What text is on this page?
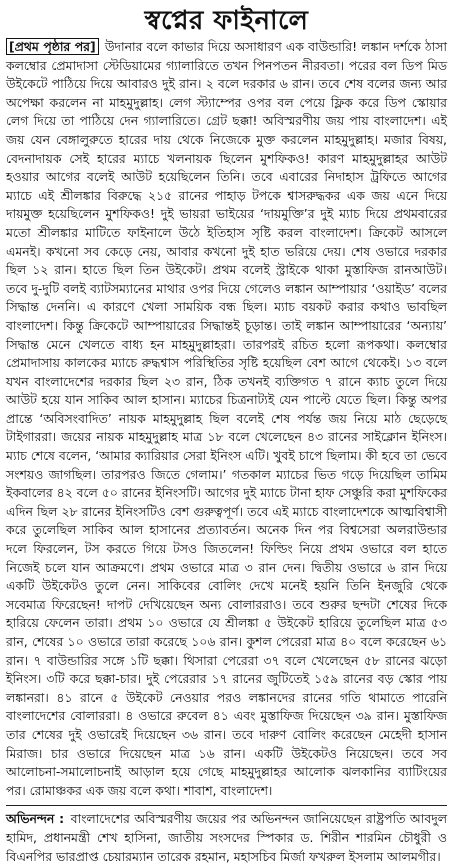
স্বপ্নের ফাইনালে

[প্রথম পৃষ্ঠার পর] উদানার বলে কাভার দিয়ে অসাধারণ এক বাউন্ডারি! লঙ্কান দর্শকে ঠাসা কলম্বোর প্রেমাদাসা স্টেডিয়ামের গ্যালারিতে তখন পিনপতন নীরবতা। পরের বল ডিপ মিড উইকেটে পাঠিয়ে দিয়ে আবারও দুই রান। ২ বলে দরকার ৬ রান। তবে শেষ বলের জন্য আর অপেক্ষা করলেন না মাহমুদুল্লাহ। লেগ স্ট্যাম্পের ওপর বল পেয়ে ফ্লিক করে ডিপ স্কোয়ার লেগ দিয়ে তা পাঠিয়ে দেন গ্যালারিতে। গ্রেট ছক্কা! অবিস্মরণীয় জয় পায় বাংলাদেশ। এই জয় যেন বেঙ্গালুরুতে হারের দায় থেকে নিজেকে মুক্ত করলেন মাহমুদুল্লাহ। মজার বিষয়, বেদনাদায়ক সেই হারের ম্যাচে খলনায়ক ছিলেন মুশফিকও! কারণ মাহমুদুল্লাহর আউট হওয়ার আগের বলেই আউট হয়েছিলেন তিনি। তবে এবারের নিদাহাস ট্রফিতে আগের ম্যাচে এই শ্রীলঙ্কার বিরুদ্ধে ২১৫ রানের পাহাড় টপকে শ্বাসরুদ্ধকর এক জয় এনে দিয়ে দায়মুক্ত হয়েছিলেন মুশফিকও! দুই ভায়রা ভাইয়ের ‘দায়মুক্তি’র দুই ম্যাচ দিয়ে প্রথমবারের মতো শ্রীলঙ্কার মাটিতে ফাইনালে উঠে ইতিহাস সৃষ্টি করল বাংলাদেশ। ক্রিকেট আসলে এমনই। কখনো সব কেড়ে নেয়, আবার কখনো দুই হাত ভরিয়ে দেয়। শেষ ওভারে দরকার ছিল ১২ রান। হাতে ছিল তিন উইকেট। প্রথম বলেই স্ট্রাইকে থাকা মুস্তাফিজ রানআউট। তবে দু-দুটি বলই ব্যাটসম্যানের মাথার ওপর দিয়ে গেলেও লঙ্কান আম্পায়ার ‘ওয়াইড’ বলের সিদ্ধান্ত দেননি। এ কারণে খেলা সাময়িক বন্ধ ছিল। ম্যাচ বয়কট করার কথাও ভাবছিল বাংলাদেশ। কিন্তু ক্রিকেটে আম্পায়ারের সিদ্ধান্তই চূড়ান্ত। তাই লঙ্কান আম্পায়ারের ‘অন্যায়’ সিদ্ধান্ত মেনে খেলতে বাধ্য হন মাহমুদুল্লাহরা। তারপরই রচিত হলো রূপকথা। কলম্বোর প্রেমাদাসায় কালকের ম্যাচে রুদ্ধশ্বাস পরিস্থিতির সৃষ্টি হয়েছিল বেশ আগে থেকেই। ১৩ বলে যখন বাংলাদেশের দরকার ছিল ২৩ রান, ঠিক তখনই ব্যক্তিগত ৭ রানে ক্যাচ তুলে দিয়ে আউট হয়ে যান সাকিব আল হাসান। ম্যাচের চিত্রনাট্যই যেন পাল্টে যেতে ছিল। কিন্তু অপর প্রান্তে ‘অবিসংবাদিত’ নায়ক মাহমুদুল্লাহ ছিল বলেই শেষ পর্যন্ত জয় নিয়ে মাঠ ছেড়েছে টাইগাররা। জয়ের নায়ক মাহমুদুল্লাহ মাত্র ১৮ বলে খেলেছেন ৪৩ রানের সাইক্লোন ইনিংস। ম্যাচ শেষে বলেন, ‘আমার ক্যারিয়ার সেরা ইনিংস এটি। খুবই চাপে ছিলাম। কী হবে তা ভেবে সংশয়ও জাগছিল। তারপরও জিতে গেলাম।’ গতকাল ম্যাচের ভিত গড়ে দিয়েছিল তামিম ইকবালের ৪২ বলে ৫০ রানের ইনিংসটি। আগের দুই ম্যাচে টানা হাফ সেঞ্চুরি করা মুশফিকের এদিন ছিল ২৮ রানের ইনিংসটিও বেশ গুরুত্বপূর্ণ। তবে এই ম্যাচে বাংলাদেশকে আত্মবিশ্বাসী করে তুলেছিল সাকিব আল হাসানের প্রত্যাবর্তন। অনেক দিন পর বিশ্বসেরা অলরাউন্ডার দলে ফিরলেন, টস করতে গিয়ে টসও জিতলেন! ফিল্ডিং নিয়ে প্রথম ওভারে বল হাতে নিজেই চলে যান আক্রমণে। প্রথম ওভারে মাত্র ৩ রান দেন। দ্বিতীয় ওভারে ৬ রান দিয়ে একটি উইকেটও তুলে নেন। সাকিবের বোলিং দেখে মনেই হয়নি তিনি ইনজুরি থেকে সবেমাত্র ফিরেছেন! দাপট দেখিয়েছেন অন্য বোলাররাও। তবে শুরুর ছন্দটা শেষের দিকে হারিয়ে ফেলেন তারা। প্রথম ১০ ওভারে যে শ্রীলঙ্কা ৫ উইকেট হারিয়ে তুলেছিল মাত্র ৫৩ রান, শেষের ১০ ওভারে তারা করেছে ১০৬ রান। কুশল পেরেরা মাত্র ৪০ বলে করেছেন ৬১ রান। ৭ বাউন্ডারির সঙ্গে ১টি ছক্কা। থিসারা পেরেরা ৩৭ বলে খেলেছেন ৫৮ রানের ঝড়ো ইনিংস। ৩টি করে ছক্কা-চার। দুই পেরেরার ১৭ রানের জুটিতেই ১৫৯ রানের বড় স্কোর পায় লঙ্কানরা। ৪১ রানে ৫ উইকেট নেওয়ার পরও লঙ্কানদের রানের গতি থামাতে পারেনি বাংলাদেশের বোলাররা। ৪ ওভারে রুবেল ৪১ এবং মুস্তাফিজ দিয়েছেন ৩৯ রান। মুস্তাফিজ তার শেষের দুই ওভারেই দিয়েছেন ৩৬ রান। তবে দারুণ বোলিং করেছেন মেহেদী হাসান মিরাজ। চার ওভারে দিয়েছেন মাত্র ১৬ রান। একটি উইকেটও নিয়েছেন। তবে সব আলোচনা-সমালোচনাই আড়াল হয়ে গেছে মাহমুদুল্লাহর আলোক ঝলকানির ব্যাটিংয়ের পর। রোমাঞ্চকর এক জয় বলে কথা। শাবাশ, বাংলাদেশ।

অভিনন্দন : বাংলাদেশের অবিস্মরণীয় জয়ের পর অভিনন্দন জানিয়েছেন রাষ্ট্রপতি আবদুল হামিদ, প্রধানমন্ত্রী শেখ হাসিনা, জাতীয় সংসদের স্পিকার ড. শিরীন শারমিন চৌধুরী ও বিএনপির ভারপ্রাপ্ত চেয়ারম্যান তারেক রহমান, মহাসচিব মির্জা ফখরুল ইসলাম আলমগীর।
